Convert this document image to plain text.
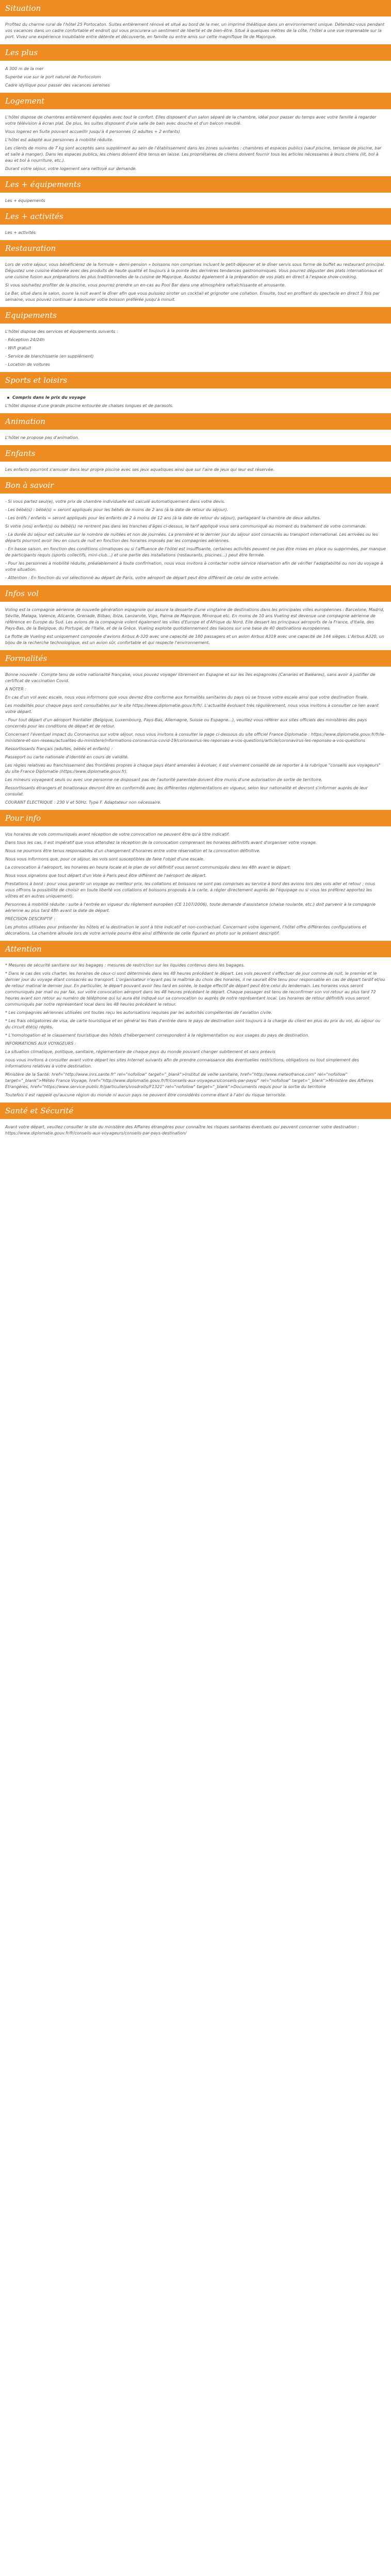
Situation

Profitez du charme rural de l'hôtel 25 Portocaton. Suites entièrement rénové et situé au bord de la mer, un imprimé théâtique dans un environnement unique. Détendez-vous pendant vos vacances dans un cadre confortable et endroit qui vous procurera un sentiment de liberté et de bien-être. Situé à quelques mètres de la côte, l'hôtel a une vue imprenable sur la port. Vivez une expérience inoubliable entre détente et découverte, en famille ou entre amis sur cette magnifique île de Majorque.

Les plus

A 300 m de la mer

Superbe vue sur le port naturel de Portocolom

Cadre idyllique pour passer des vacances sereines

Logement

L'hôtel dispose de chambres entièrement équipées avec tout le confort. Elles disposent d'un salon séparé de la chambre, idéal pour passer du temps avec votre famille à regarder votre télévision à écran plat. De plus, les suites disposent d'une salle de bain avec douche et d'un balcon meublé.

Vous logerez en Suite pouvant accueillir jusqu'à 4 personnes (2 adultes + 2 enfants)

L'hôtel est adapté aux personnes à mobilité réduite.

Les clients de moins de 7 kg sont acceptés sans supplément au sein de l'établissement dans les zones suivantes : chambres et espaces publics (sauf piscine, terrasse de piscine, bar et salle à manger). Dans les espaces publics, les chiens doivent être tenus en laisse. Les propriétaires de chiens doivent fournir tous les articles nécessaires à leurs chiens (lit, bol à eau et bol à nourriture, etc.).

Durant votre séjour, votre logement sera nettoyé sur demande.

Les + équipements

Les + équipements

Les + activités

Les + activités

Restauration

Lors de votre séjour, vous bénéficierez de la formule « demi-pension » boissons non comprises incluant le petit-déjeuner et le dîner servis sous forme de buffet au restaurant principal. Dégustez une cuisine élaborée avec des produits de haute qualité et toujours à la pointe des dernières tendances gastronomiques. Vous pourrez déguster des plats internationaux et une cuisine fusion aux préparations les plus traditionnelles de la cuisine de Majorque. Assistez également à la préparation de vos plats en direct à l'espace show-cooking.

Si vous souhaitez profiter de la piscine, vous pourrez prendre un en-cas au Pool Bar dans une atmosphère rafraîchissante et amusante.

Le Bar, situé dans le salon, ouvre la nuit avant le dîner afin que vous puissiez siroter un cocktail et grignoter une collation. Ensuite, tout en profitant du spectacle en direct 3 fois par semaine, vous pouvez continuer à savourer votre boisson préférée jusqu'à minuit.

Equipements

L'hôtel dispose des services et équipements suivants :

- Réception 24/24h

- Wifi gratuit

- Service de blanchisserie (en supplément)

- Location de voitures

Sports et loisirs
Compris dans le prix du voyage

L'hôtel dispose d'une grande piscine entourée de chaises longues et de parasols.

Animation

L'hôtel ne propose pas d'animation.

Enfants

Les enfants pourront s'amuser dans leur propre piscine avec ses jeux aquatiques ainsi que sur l'aire de jeux qui leur est réservée.

Bon à savoir

- Si vous partez seul(e), votre prix de chambre individuelle est calculé automatiquement dans votre devis.

- Les bébé(s) : bébé(s) = seront appliqués pour les bébés de moins de 2 ans (à la date de retour du séjour).

- Les bréfs / enfants = seront appliqués pour les enfants de 2 à moins de 12 ans (à la date de retour du séjour), partageant la chambre de deux adultes.

Si votre (vos) enfant(s) ou bébé(s) ne rentrent pas dans les tranches d'âges ci-dessus, le tarif appliqué vous sera communiqué au moment du traitement de votre commande.

- La durée du séjour est calculée sur le nombre de nuitées et non de journées. La première et le dernier jour du séjour sont consacrés au transport international. Les arrivées ou les départs pourront avoir lieu en cours de nuit en fonction des horaires imposés par les compagnies aériennes.

- En basse saison, en fonction des conditions climatiques ou si l'affluence de l'hôtel est insuffisante, certaines activités peuvent ne pas être mises en place ou supprimées, par manque de participants requis (sports collectifs, mini-club...) et une partie des installations (restaurants, piscines...) peut être fermée.

- Pour les personnes à mobilité réduite, préalablement à toute confirmation, nous vous invitons à contacter notre service réservation afin de vérifier l'adaptabilité ou non du voyage à votre situation.

- Attention : En fonction du vol sélectionné au départ de Paris, votre aéroport de départ peut être différent de celui de votre arrivée.

Infos vol

Voling est la compagnie aérienne de nouvelle génération espagnole qui assure la desserte d'une vingtaine de destinations dans les principales villes européennes : Barcelone, Madrid, Séville, Malaga, Valence, Alicante, Grenade, Bilbao, Ibiza, Lanzarote, Vigo, Palma de Majorque, Minorque etc. En moins de 10 ans Vueling est devenue une compagnie aérienne de référence en Europe du Sud. Les avions de la compagnie volent également les villes d'Europe et d'Afrique du Nord. Elle dessert les principaux aéroports de la France, d'Italie, des Pays-Bas, de la Belgique, du Portugal, de l'Italie, et de la Grèce. Vueling exploite quotidiennement des liaisons sur une base de 40 destinations européennes.

La flotte de Vueling est uniquement composée d'avions Airbus A-320 avec une capacité de 180 passagers et un avion Airbus A319 avec une capacité de 144 sièges. L'Airbus A320, un bijou de la recherche technologique, est un avion sûr, confortable et qui respecte l'environnement.

Formalités

Bonne nouvelle : Compte tenu de votre nationalité française, vous pouvez voyager librement en Espagne et sur les îles espagnoles (Canaries et Baléares), sans avoir à justifier de certificat de vaccination Covid.

A NOTER :

En cas d'un vol avec escale, nous vous informons que vous devrez être conforme aux formalités sanitaires du pays où se trouve votre escale ainsi que votre destination finale.

Les modalités pour chaque pays sont consultables sur le site https://www.diplomatie.gouv.fr/fr/. L'actualité évoluant très régulièrement, nous vous invitons à consulter ce lien avant votre départ.

- Pour tout départ d'un aéroport frontalier (Belgique, Luxembourg, Pays-Bas, Allemagne, Suisse ou Espagne...), veuillez vous référer aux sites officiels des ministères des pays concernés pour les conditions de départ et de retour.

Concernant l'éventuel impact du Coronavirus sur votre séjour, nous vous invitons à consulter la page ci-dessous du site officiel France Diplomatie : https://www.diplomatie.gouv.fr/fr/le-ministere-et-son-reseau/actualites-du-ministere/informations-coronavirus-covid-19/coronavirus-les-reponses-a-vos-questions/article/coronavirus-les-reponses-a-vos-questions

Ressortissants français (adultes, bébés et enfants) :

Passeport ou carte nationale d'identité en cours de validité.

Les règles relatives au franchissement des frontières propres à chaque pays étant amenées à évoluer, il est vivement conseillé de se reporter à la rubrique "conseils aux voyageurs" du site France Diplomatie (https://www.diplomatie.gouv.fr).

Les mineurs voyageant seuls ou avec une personne ne disposant pas de l'autorité parentale doivent être munis d'une autorisation de sortie de territoire.

Ressortissants étrangers et binationaux devront être en conformité avec les différentes réglementations en vigueur, selon leur nationalité et devront s'informer auprès de leur consulat.

COURANT ÉLECTRIQUE : 230 V et 50Hz. Type F. Adaptateur non nécessaire.

Pour info

Vos horaires de vols communiqués avant réception de votre convocation ne peuvent être qu'à titre indicatif.

Dans tous les cas, il est impératif que vous attendiez la réception de la convocation comprenant les horaires définitifs avant d'organiser votre voyage.

Nous ne pourrons être tenus responsables d'un changement d'horaires entre votre réservation et la convocation définitive.

Nous vous informons que, pour ce séjour, les vols sont susceptibles de faire l'objet d'une escale.

La convocation à l'aéroport, les horaires en heure locale et le plan de vol définitif vous seront communiqués dans les 48h avant le départ.

Nous vous signalons que tout départ d'un Vole à Paris peut être différent de l'aéroport de départ.

Prestations à bord : pour vous garantir un voyage au meilleur prix, les collations et boissons ne sont pas comprises au service à bord des avions lors des vols aller et retour ; nous vous offrons la possibilité de choisir en toute liberté vos collations et boissons proposés à la carte, à régler directement auprès de l'équipage ou si vous les préférez apportez les vôtres et en autres uniquement).

Personnes à mobilité réduite : suite à l'entrée en vigueur du règlement européen (CE 1107/2006), toute demande d'assistance (chaise roulante, etc.) doit parvenir à la compagnie aérienne au plus tard 48h avant la date de départ.

PRÉCISION DESCRIPTIF :

Les photos utilisées pour présenter les hôtels et la destination le sont à titre indicatif et non-contractuel. Concernant votre logement, l'hôtel offre différentes configurations et décorations. La chambre allouée lors de votre arrivée pourra être ainsi différente de celle figurant en photo sur le présent descriptif.

Attention

* Mesures de sécurité sanitaire sur les bagages : mesures de restriction sur les liquides contenus dans les bagages.

* Dans le cas des vols charter, les horaires de ceux-ci sont déterminés dans les 48 heures précédant le départ. Les vols peuvent s'effectuer de jour comme de nuit, le premier et le dernier jour du voyage étant consacrés au transport. L'organisateur n'ayant pas la maîtrise du choix des horaires, il ne saurait être tenu pour responsable en cas de départ tardif et/ou de retour matinal le dernier jour. En particulier, le départ pouvant avoir lieu tard en soirée, le badge effectif de départ peut être celui du lendemain. Les horaires vous seront communiqués par mail ou par fax, sur votre convocation aéroport dans les 48 heures précédant le départ. Chaque passager est tenu de reconfirmer son vol retour au plus tard 72 heures avant son retour au numéro de téléphone qui lui aura été indiqué sur sa convocation ou auprès de notre représentant local. Les horaires de retour définitifs vous seront communiqués par notre représentant local dans les 48 heures précédant le retour.

* Les compagnies aériennes utilisées ont toutes reçu les autorisations requises par les autorités compétentes de l'aviation civile.

* Les frais obligatoires de visa, de carte touristique et en général les frais d'entrée dans le pays de destination sont toujours à la charge du client en plus du prix du vol, du séjour ou du circuit été(s) réglés.

* L'homologation et le classement touristique des hôtels d'hébergement correspondent à la réglementation ou aux usages du pays de destination.

INFORMATIONS AUX VOYAGEURS :

La situation climatique, politique, sanitaire, réglementaire de chaque pays du monde pouvant changer subitement et sans préavis

nous vous invitons à consulter avant votre départ les sites Internet suivants afin de prendre connaissance des éventuelles restrictions, obligations ou tout simplement des informations relatives à votre destination.

Ministère de la Santé: href="http://www.inrs.sante.fr" rel="nofollow" target="_blank">Institut de veille sanitaire, href="http://www.meteofrance.com" rel="nofollow" target="_blank">Météo France Voyage, href="http://www.diplomatie.gouv.fr/fr/conseils-aux-voyageurs/conseils-par-pays/" rel="nofollow" target="_blank">Ministère des Affaires Étrangères, href="https://www.service-public.fr/particuliers/vosdroits/F1321" rel="nofollow" target="_blank">Documents requis pour la sortie du territoire

Toutefois il est rappelé qu'aucune région du monde ni aucun pays ne peuvent être considérés comme étant à l'abri du risque terroriste.

Santé et Sécurité

Avant votre départ, veuillez consulter le site du ministère des Affaires étrangères pour connaître les risques sanitaires éventuels qui peuvent concerner votre destination : https://www.diplomatie.gouv.fr/fr/conseils-aux-voyageurs/conseils-par-pays-destination/
